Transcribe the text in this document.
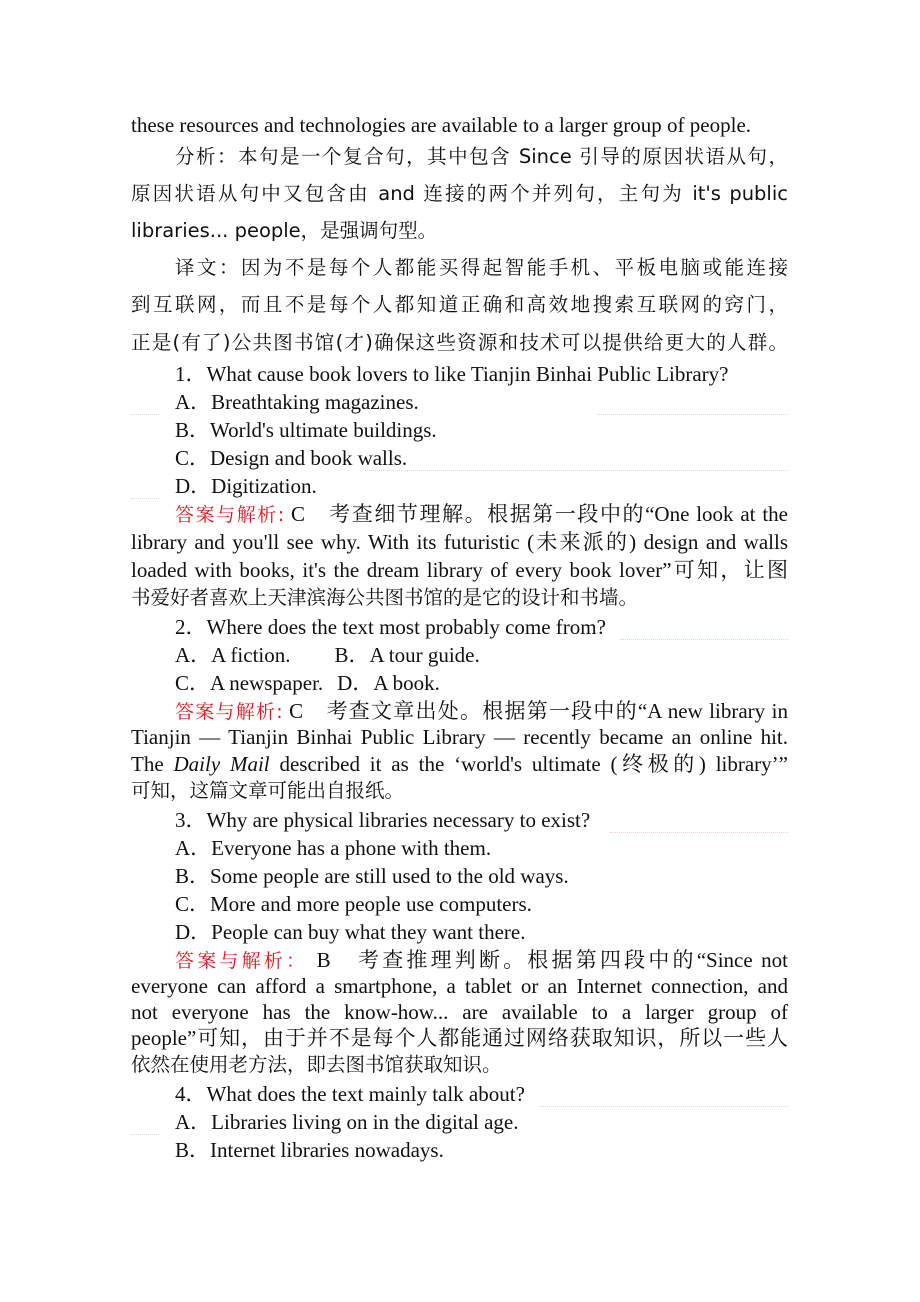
these resources and technologies are available to a larger group of people.
分析：本句是一个复合句，其中包含 Since 引导的原因状语从句，
原因状语从句中又包含由 and 连接的两个并列句，主句为 it's public
libraries... people，是强调句型。
译文：因为不是每个人都能买得起智能手机、平板电脑或能连接
到互联网，而且不是每个人都知道正确和高效地搜索互联网的窍门，
正是(有了)公共图书馆(才)确保这些资源和技术可以提供给更大的人群。
1．What cause book lovers to like Tianjin Binhai Public Library?
A．Breathtaking magazines.
B．World's ultimate buildings.
C．Design and book walls.
D．Digitization.
答案与解析: C　考查细节理解。根据第一段中的“One look at the
library and you'll see why. With its futuristic (未来派的) design and walls
loaded with books, it's the dream library of every book lover”可知，让图
书爱好者喜欢上天津滨海公共图书馆的是它的设计和书墙。
2．Where does the text most probably come from?
A．A fiction. B．A tour guide.
C．A newspaper. D．A book.
答案与解析: C　考查文章出处。根据第一段中的“A new library in
Tianjin — Tianjin Binhai Public Library — recently became an online hit.
The Daily Mail described it as the ‘world's ultimate (终极的) library’”
可知，这篇文章可能出自报纸。
3．Why are physical libraries necessary to exist?
A．Everyone has a phone with them.
B．Some people are still used to the old ways.
C．More and more people use computers.
D．People can buy what they want there.
答案与解析： B　考查推理判断。根据第四段中的“Since not
everyone can afford a smartphone, a tablet or an Internet connection, and
not everyone has the know-how... are available to a larger group of
people”可知，由于并不是每个人都能通过网络获取知识，所以一些人
依然在使用老方法，即去图书馆获取知识。
4．What does the text mainly talk about?
A．Libraries living on in the digital age.
B．Internet libraries nowadays.
